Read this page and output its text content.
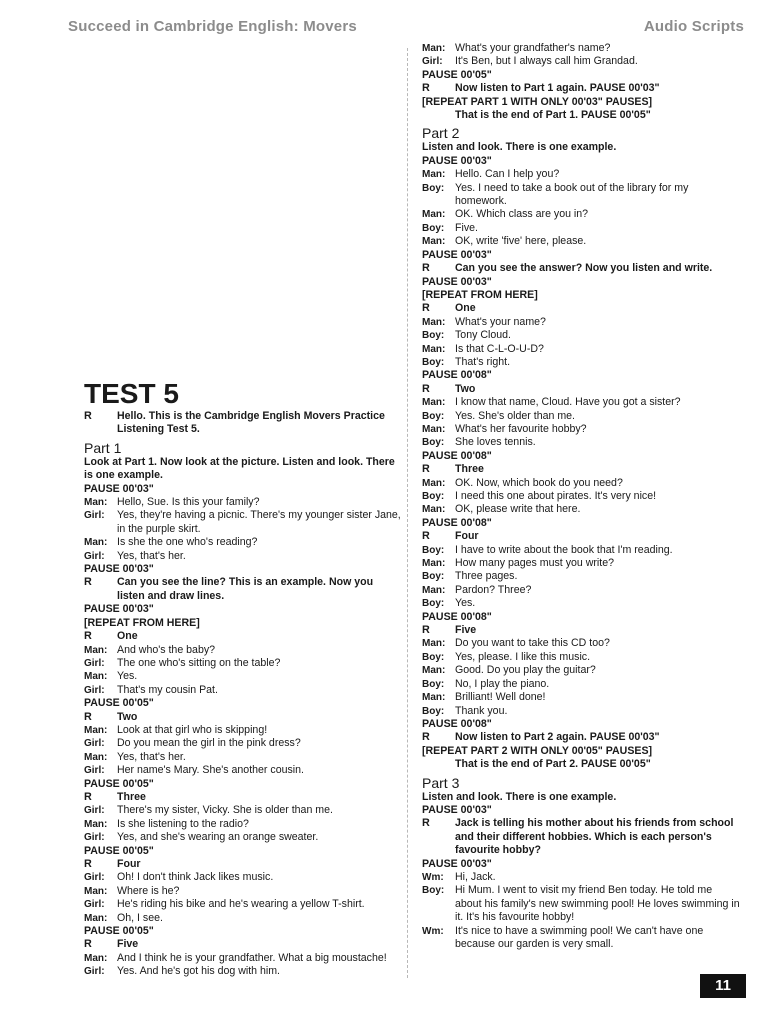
Succeed in Cambridge English: Movers	Audio Scripts
TEST 5
R	Hello. This is the Cambridge English Movers Practice Listening Test 5.
Part 1
Look at Part 1. Now look at the picture. Listen and look. There is one example.
PAUSE 00'03"
Man: Hello, Sue. Is this your family?
Girl:	Yes, they're having a picnic. There's my younger sister Jane, in the purple skirt.
Man: Is she the one who's reading?
Girl:	Yes, that's her.
PAUSE 00'03"
R	Can you see the line? This is an example. Now you listen and draw lines.
PAUSE 00'03"
[REPEAT FROM HERE]
R	One
Man: And who's the baby?
Girl:	The one who's sitting on the table?
Man: Yes.
Girl:	That's my cousin Pat.
PAUSE 00'05"
R	Two
Man: Look at that girl who is skipping!
Girl:	Do you mean the girl in the pink dress?
Man: Yes, that's her.
Girl:	Her name's Mary. She's another cousin.
PAUSE 00'05"
R	Three
Girl:	There's my sister, Vicky. She is older than me.
Man: Is she listening to the radio?
Girl:	Yes, and she's wearing an orange sweater.
PAUSE 00'05"
R	Four
Girl:	Oh! I don't think Jack likes music.
Man: Where is he?
Girl:	He's riding his bike and he's wearing a yellow T-shirt.
Man: Oh, I see.
PAUSE 00'05"
R	Five
Man: And I think he is your grandfather. What a big moustache!
Girl:	Yes. And he's got his dog with him.
Man: What's your grandfather's name?
Girl:	It's Ben, but I always call him Grandad.
PAUSE 00'05"
R	Now listen to Part 1 again. PAUSE 00'03"
[REPEAT PART 1 WITH ONLY 00'03" PAUSES]
That is the end of Part 1. PAUSE 00'05"
Part 2
Listen and look. There is one example.
PAUSE 00'03"
Man: Hello. Can I help you?
Boy:	Yes. I need to take a book out of the library for my homework.
Man: OK. Which class are you in?
Boy:	Five.
Man: OK, write 'five' here, please.
PAUSE 00'03"
R	Can you see the answer? Now you listen and write.
PAUSE 00'03"
[REPEAT FROM HERE]
R	One
Man: What's your name?
Boy:	Tony Cloud.
Man: Is that C-L-O-U-D?
Boy:	That's right.
PAUSE 00'08"
R	Two
Man: I know that name, Cloud. Have you got a sister?
Boy:	Yes. She's older than me.
Man: What's her favourite hobby?
Boy:	She loves tennis.
PAUSE 00'08"
R	Three
Man: OK. Now, which book do you need?
Boy:	I need this one about pirates. It's very nice!
Man: OK, please write that here.
PAUSE 00'08"
R	Four
Boy:	I have to write about the book that I'm reading.
Man: How many pages must you write?
Boy:	Three pages.
Man: Pardon? Three?
Boy:	Yes.
PAUSE 00'08"
R	Five
Man: Do you want to take this CD too?
Boy:	Yes, please. I like this music.
Man: Good. Do you play the guitar?
Boy:	No, I play the piano.
Man: Brilliant! Well done!
Boy:	Thank you.
PAUSE 00'08"
R	Now listen to Part 2 again. PAUSE 00'03"
[REPEAT PART 2 WITH ONLY 00'05" PAUSES]
That is the end of Part 2. PAUSE 00'05"
Part 3
Listen and look. There is one example.
PAUSE 00'03"
R	Jack is telling his mother about his friends from school and their different hobbies. Which is each person's favourite hobby?
PAUSE 00'03"
Wm:	Hi, Jack.
Boy:	Hi Mum. I went to visit my friend Ben today. He told me about his family's new swimming pool! He loves swimming in it. It's his favourite hobby!
Wm:	It's nice to have a swimming pool! We can't have one because our garden is very small.
11
